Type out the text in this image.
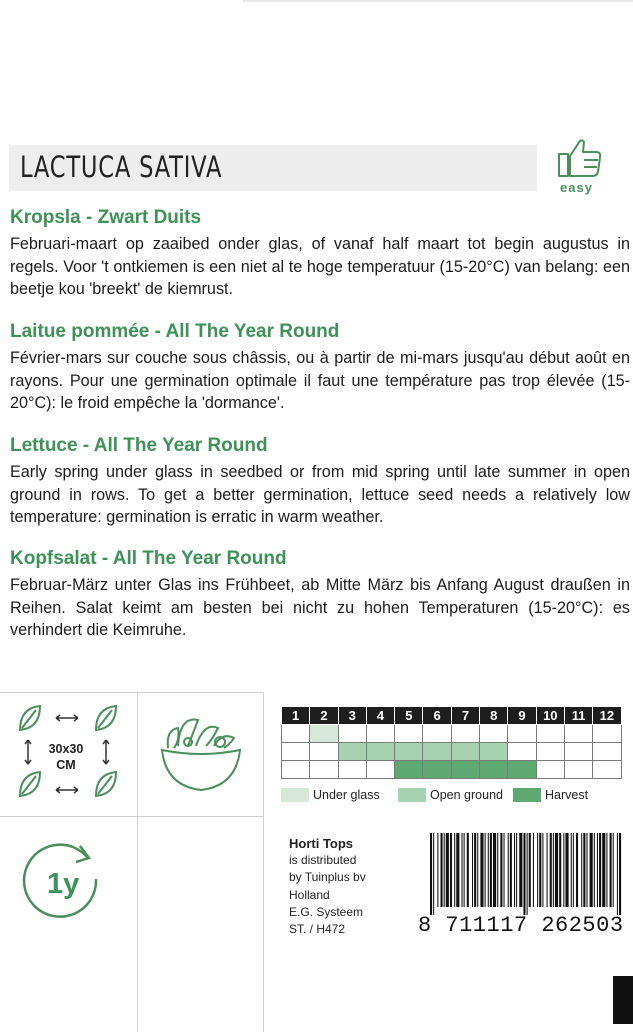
LACTUCA SATIVA
easy
Kropsla - Zwart Duits

Februari-maart op zaaibed onder glas, of vanaf half maart tot begin augustus in regels. Voor 't ontkiemen is een niet al te hoge temperatuur (15-20°C) van belang: een beetje kou 'breekt' de kiemrust.

Laitue pommée - All The Year Round

Février-mars sur couche sous châssis, ou à partir de mi-mars jusqu'au début août en rayons. Pour une germination optimale il faut une température pas trop élevée (15-20°C): le froid empêche la 'dormance'.

Lettuce - All The Year Round

Early spring under glass in seedbed or from mid spring until late summer in open ground in rows. To get a better germination, lettuce seed needs a relatively low temperature: germination is erratic in warm weather.

Kopfsalat - All The Year Round

Februar-März unter Glas ins Frühbeet, ab Mitte März bis Anfang August draußen in Reihen. Salat keimt am besten bei nicht zu hohen Temperaturen (15-20°C): es verhindert die Keimruhe.

30x30
CM
1y
1	2	3	4	5	6	7	8	9	10	11	12

Under glass	Open ground	Harvest
Horti Tops
is distributed
by Tuinplus bv
Holland
E.G. Systeem
ST. / H472	8 711117 262503
